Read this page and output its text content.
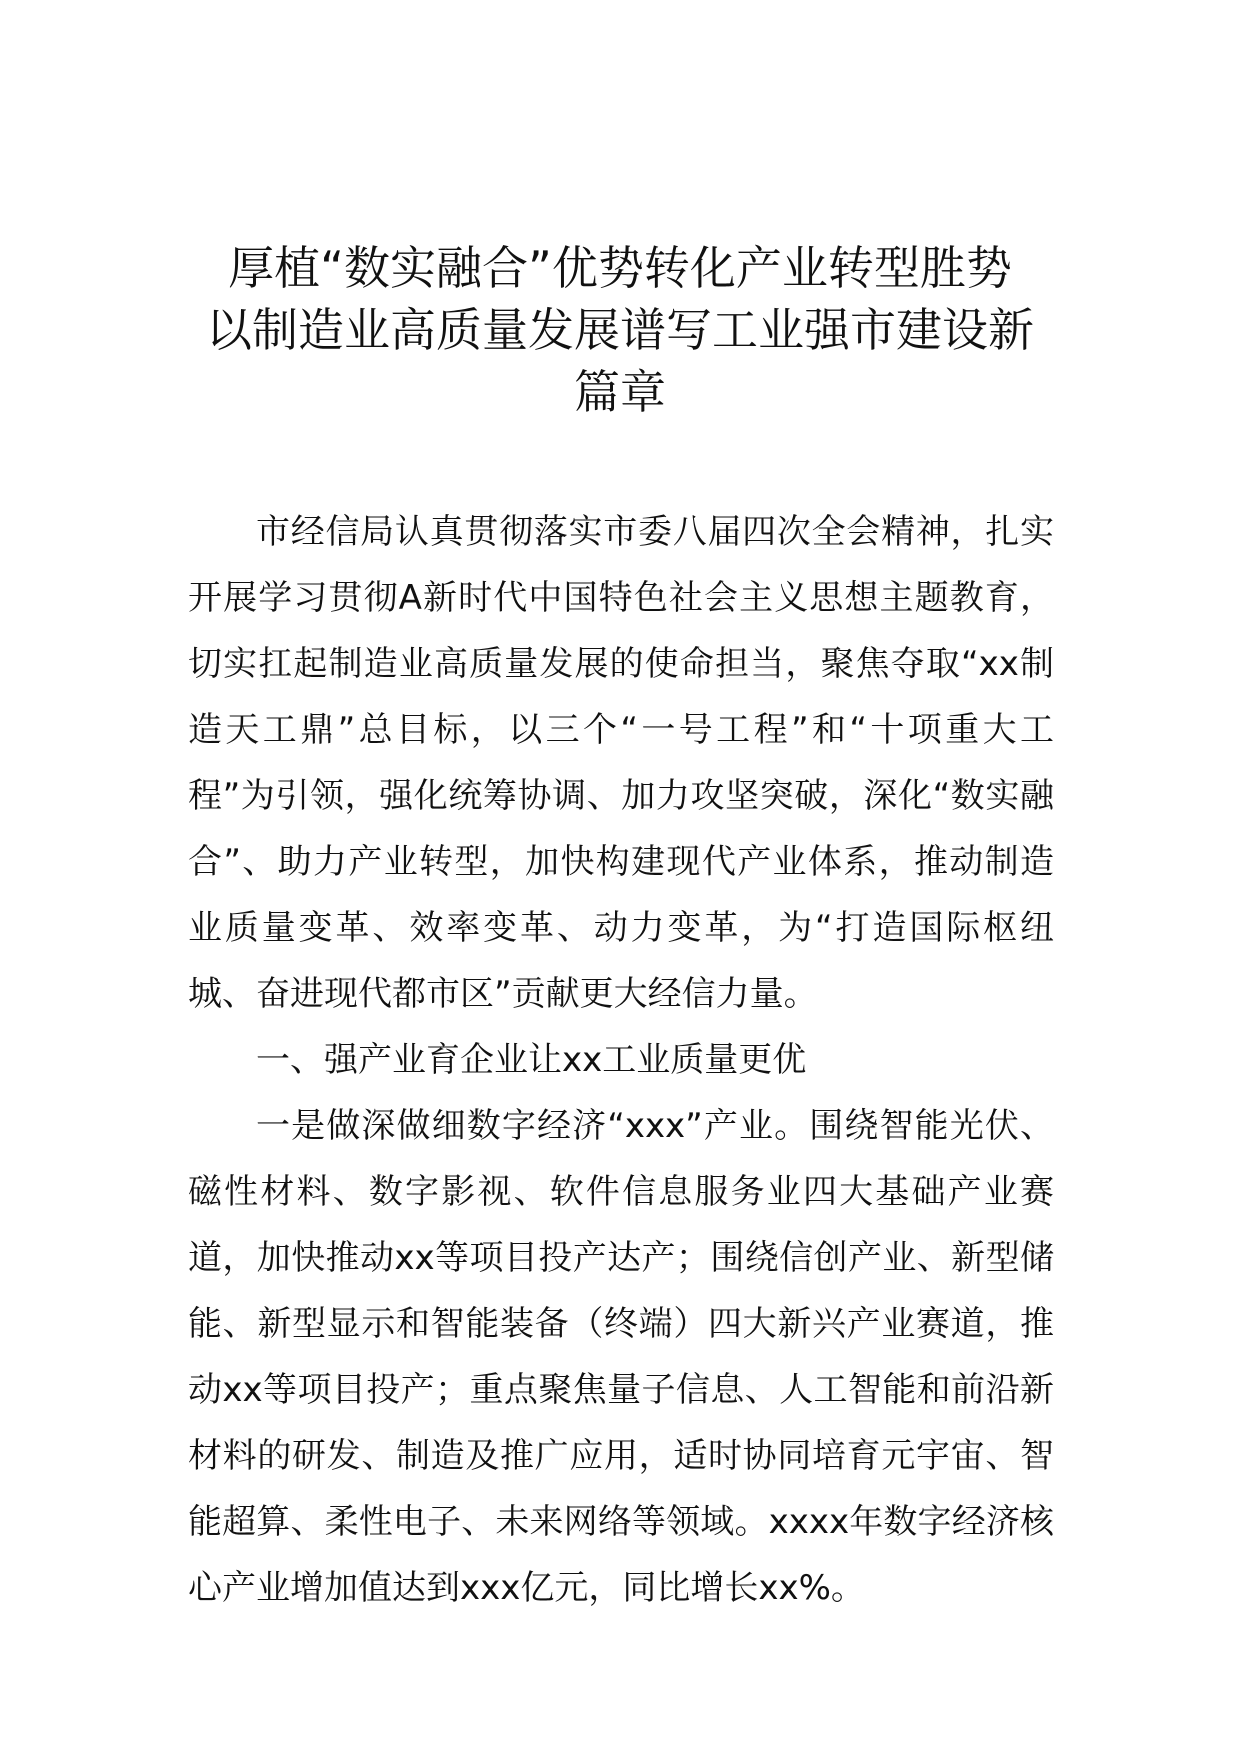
厚植“数实融合”优势转化产业转型胜势
以制造业高质量发展谱写工业强市建设新
篇章

市经信局认真贯彻落实市委八届四次全会精神，扎实开展学习贯彻A新时代中国特色社会主义思想主题教育，切实扛起制造业高质量发展的使命担当，聚焦夺取“xx制造天工鼎”总目标，以三个“一号工程”和“十项重大工程”为引领，强化统筹协调、加力攻坚突破，深化“数实融合”、助力产业转型，加快构建现代产业体系，推动制造业质量变革、效率变革、动力变革，为“打造国际枢纽城、奋进现代都市区”贡献更大经信力量。

一、强产业育企业让xx工业质量更优

一是做深做细数字经济“xxx”产业。围绕智能光伏、磁性材料、数字影视、软件信息服务业四大基础产业赛道，加快推动xx等项目投产达产；围绕信创产业、新型储能、新型显示和智能装备（终端）四大新兴产业赛道，推动xx等项目投产；重点聚焦量子信息、人工智能和前沿新材料的研发、制造及推广应用，适时协同培育元宇宙、智能超算、柔性电子、未来网络等领域。xxxx年数字经济核心产业增加值达到xxx亿元，同比增长xx%。
